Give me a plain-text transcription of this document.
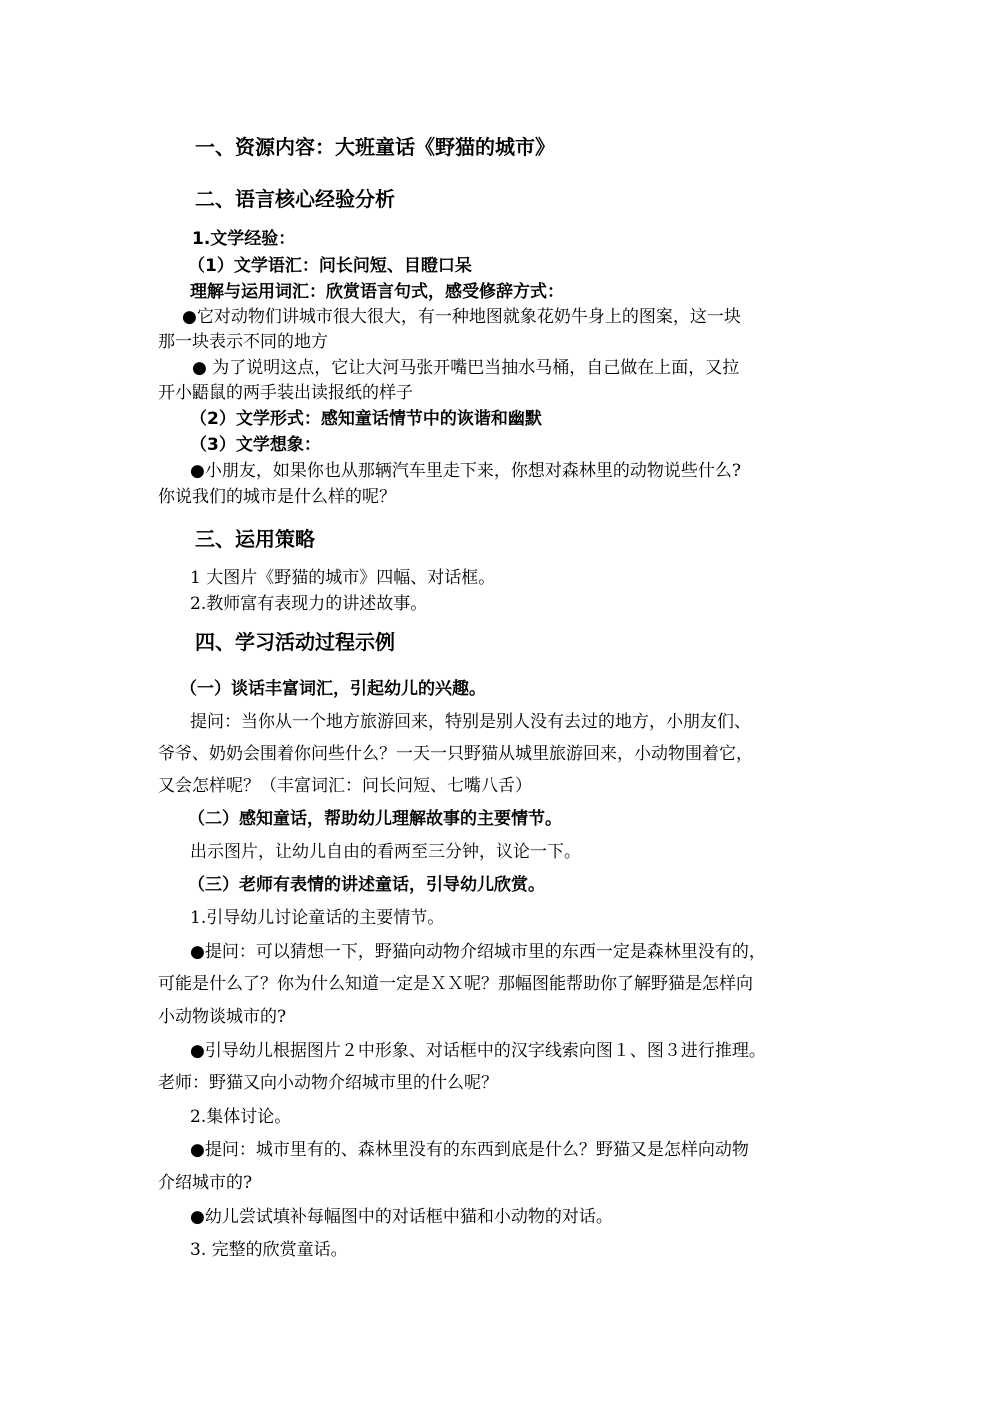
一、资源内容：大班童话《野猫的城市》
二、语言核心经验分析
1.文学经验：
（1）文学语汇：问长问短、目瞪口呆
理解与运用词汇：欣赏语言句式，感受修辞方式：
●它对动物们讲城市很大很大，有一种地图就象花奶牛身上的图案，这一块
那一块表示不同的地方
● 为了说明这点，它让大河马张开嘴巴当抽水马桶，自己做在上面，又拉
开小鼯鼠的两手装出读报纸的样子
（2）文学形式：感知童话情节中的诙谐和幽默
（3）文学想象：
●小朋友，如果你也从那辆汽车里走下来，你想对森林里的动物说些什么?
你说我们的城市是什么样的呢？
三、运用策略
1 大图片《野猫的城市》四幅、对话框。
2.教师富有表现力的讲述故事。
四、学习活动过程示例
（一）谈话丰富词汇，引起幼儿的兴趣。
提问：当你从一个地方旅游回来，特别是别人没有去过的地方，小朋友们、
爷爷、奶奶会围着你问些什么？一天一只野猫从城里旅游回来，小动物围着它，
又会怎样呢？（丰富词汇：问长问短、七嘴八舌）
（二）感知童话，帮助幼儿理解故事的主要情节。
出示图片，让幼儿自由的看两至三分钟，议论一下。
（三）老师有表情的讲述童话，引导幼儿欣赏。
1.引导幼儿讨论童话的主要情节。
●提问：可以猜想一下，野猫向动物介绍城市里的东西一定是森林里没有的，
可能是什么了？你为什么知道一定是ＸＸ呢？那幅图能帮助你了解野猫是怎样向
小动物谈城市的?
●引导幼儿根据图片２中形象、对话框中的汉字线索向图１、图３进行推理。
老师：野猫又向小动物介绍城市里的什么呢？
2.集体讨论。
●提问：城市里有的、森林里没有的东西到底是什么？野猫又是怎样向动物
介绍城市的?
●幼儿尝试填补每幅图中的对话框中猫和小动物的对话。
3. 完整的欣赏童话。
